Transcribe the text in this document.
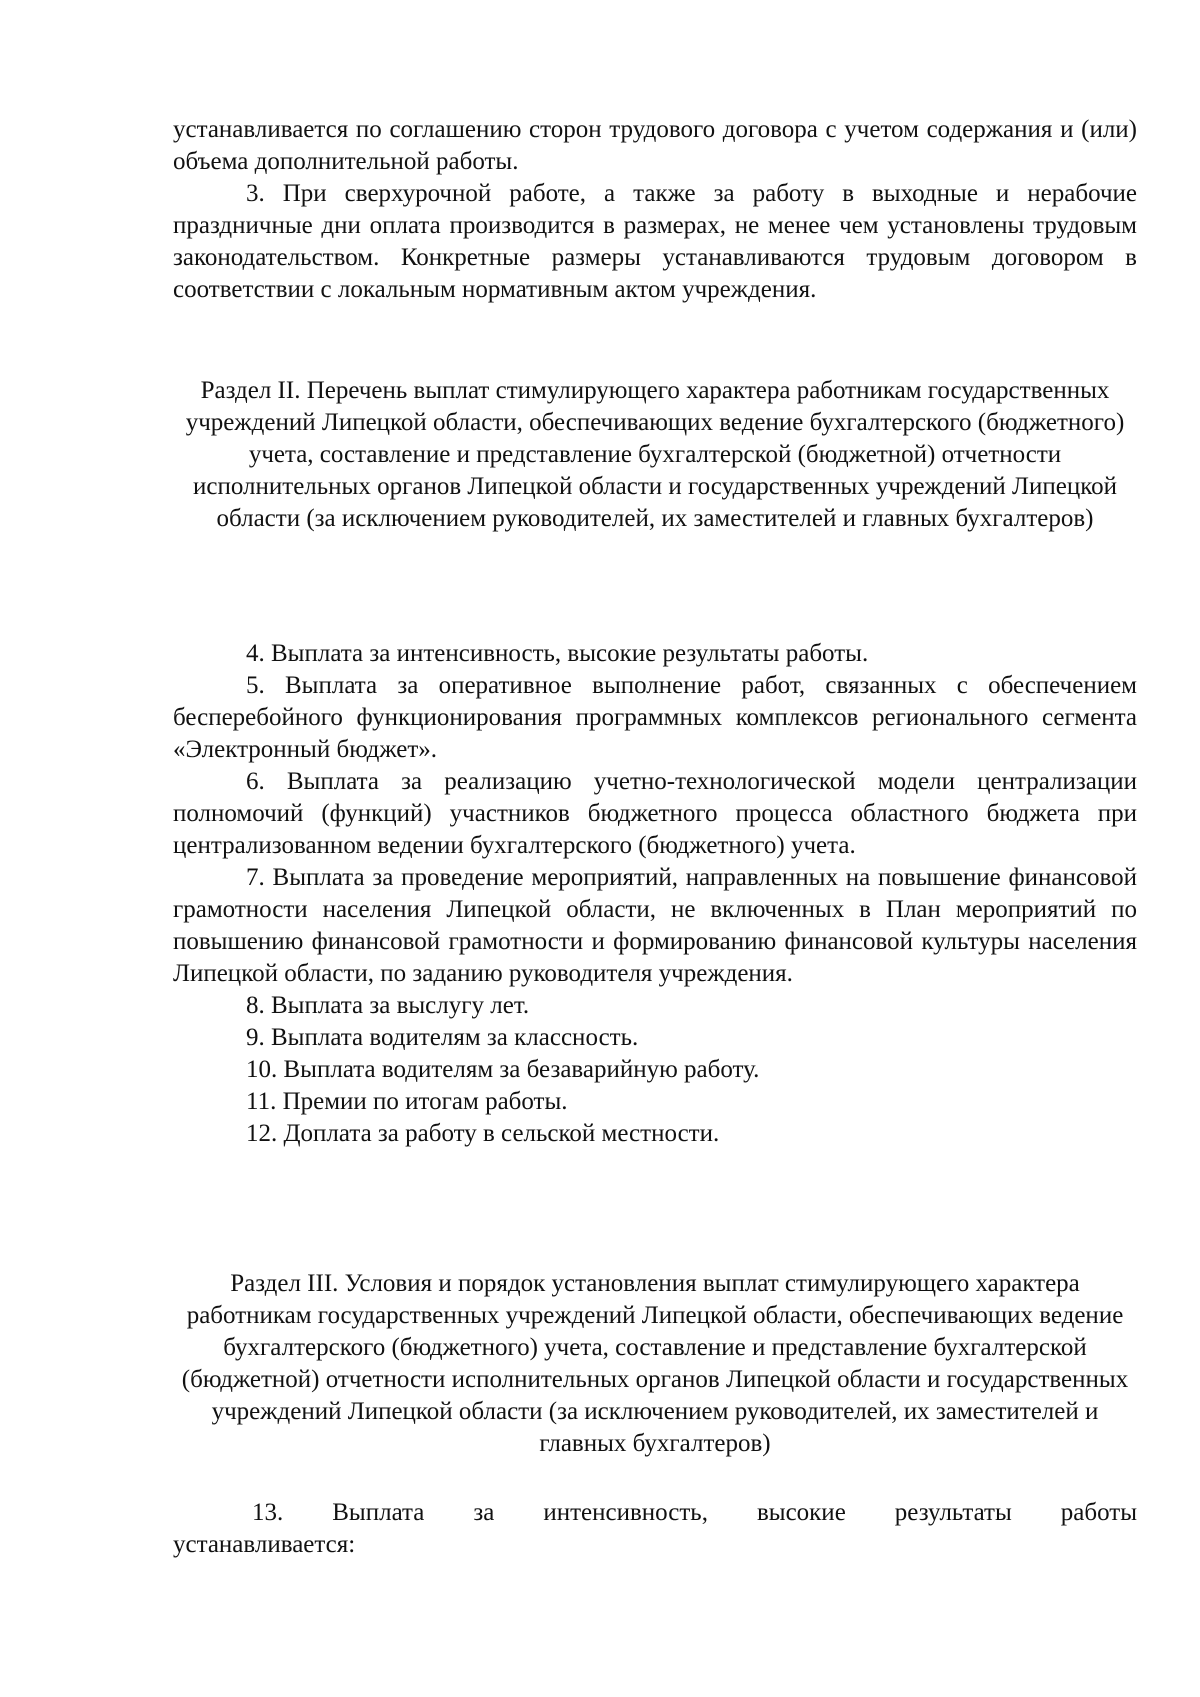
устанавливается по соглашению сторон трудового договора с учетом содержания и (или) объема дополнительной работы.

3. При сверхурочной работе, а также за работу в выходные и нерабочие праздничные дни оплата производится в размерах, не менее чем установлены трудовым законодательством. Конкретные размеры устанавливаются трудовым договором в соответствии с локальным нормативным актом учреждения.

Раздел II. Перечень выплат стимулирующего характера работникам государственных учреждений Липецкой области, обеспечивающих ведение бухгалтерского (бюджетного) учета, составление и представление бухгалтерской (бюджетной) отчетности исполнительных органов Липецкой области и государственных учреждений Липецкой области (за исключением руководителей, их заместителей и главных бухгалтеров)

4. Выплата за интенсивность, высокие результаты работы.

5. Выплата за оперативное выполнение работ, связанных с обеспечением бесперебойного функционирования программных комплексов регионального сегмента «Электронный бюджет».

6. Выплата за реализацию учетно-технологической модели централизации полномочий (функций) участников бюджетного процесса областного бюджета при централизованном ведении бухгалтерского (бюджетного) учета.

7. Выплата за проведение мероприятий, направленных на повышение финансовой грамотности населения Липецкой области, не включенных в План мероприятий по повышению финансовой грамотности и формированию финансовой культуры населения Липецкой области, по заданию руководителя учреждения.

8. Выплата за выслугу лет.

9. Выплата водителям за классность.

10. Выплата водителям за безаварийную работу.

11. Премии по итогам работы.

12. Доплата за работу в сельской местности.

Раздел III. Условия и порядок установления выплат стимулирующего характера работникам государственных учреждений Липецкой области, обеспечивающих ведение бухгалтерского (бюджетного) учета, составление и представление бухгалтерской (бюджетной) отчетности исполнительных органов Липецкой области и государственных учреждений Липецкой области (за исключением руководителей, их заместителей и главных бухгалтеров)

13. Выплата за интенсивность, высокие результаты работы

устанавливается:
